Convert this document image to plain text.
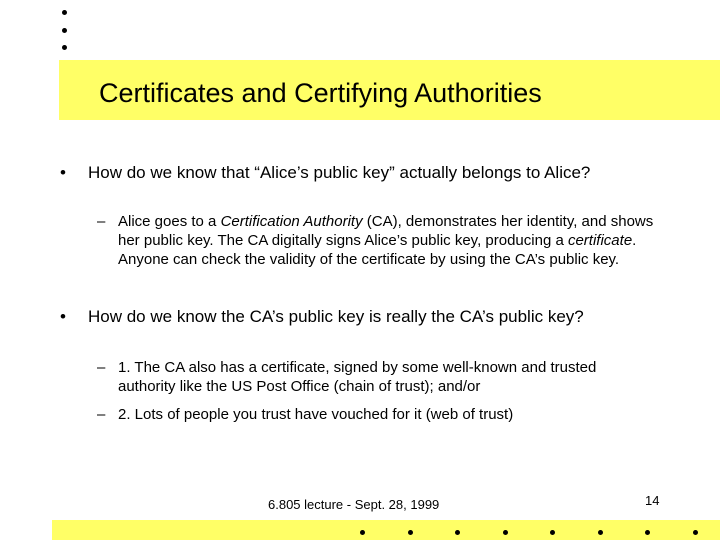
Certificates and Certifying Authorities
• How do we know that “Alice’s public key” actually belongs to Alice?
– Alice goes to a Certification Authority (CA), demonstrates her identity, and shows her public key. The CA digitally signs Alice’s public key, producing a certificate. Anyone can check the validity of the certificate by using the CA’s public key.
• How do we know the CA’s public key is really the CA’s public key?
– 1. The CA also has a certificate, signed by some well-known and trusted authority like the US Post Office (chain of trust); and/or
– 2. Lots of people you trust have vouched for it (web of trust)
6.805 lecture - Sept. 28, 1999	14
